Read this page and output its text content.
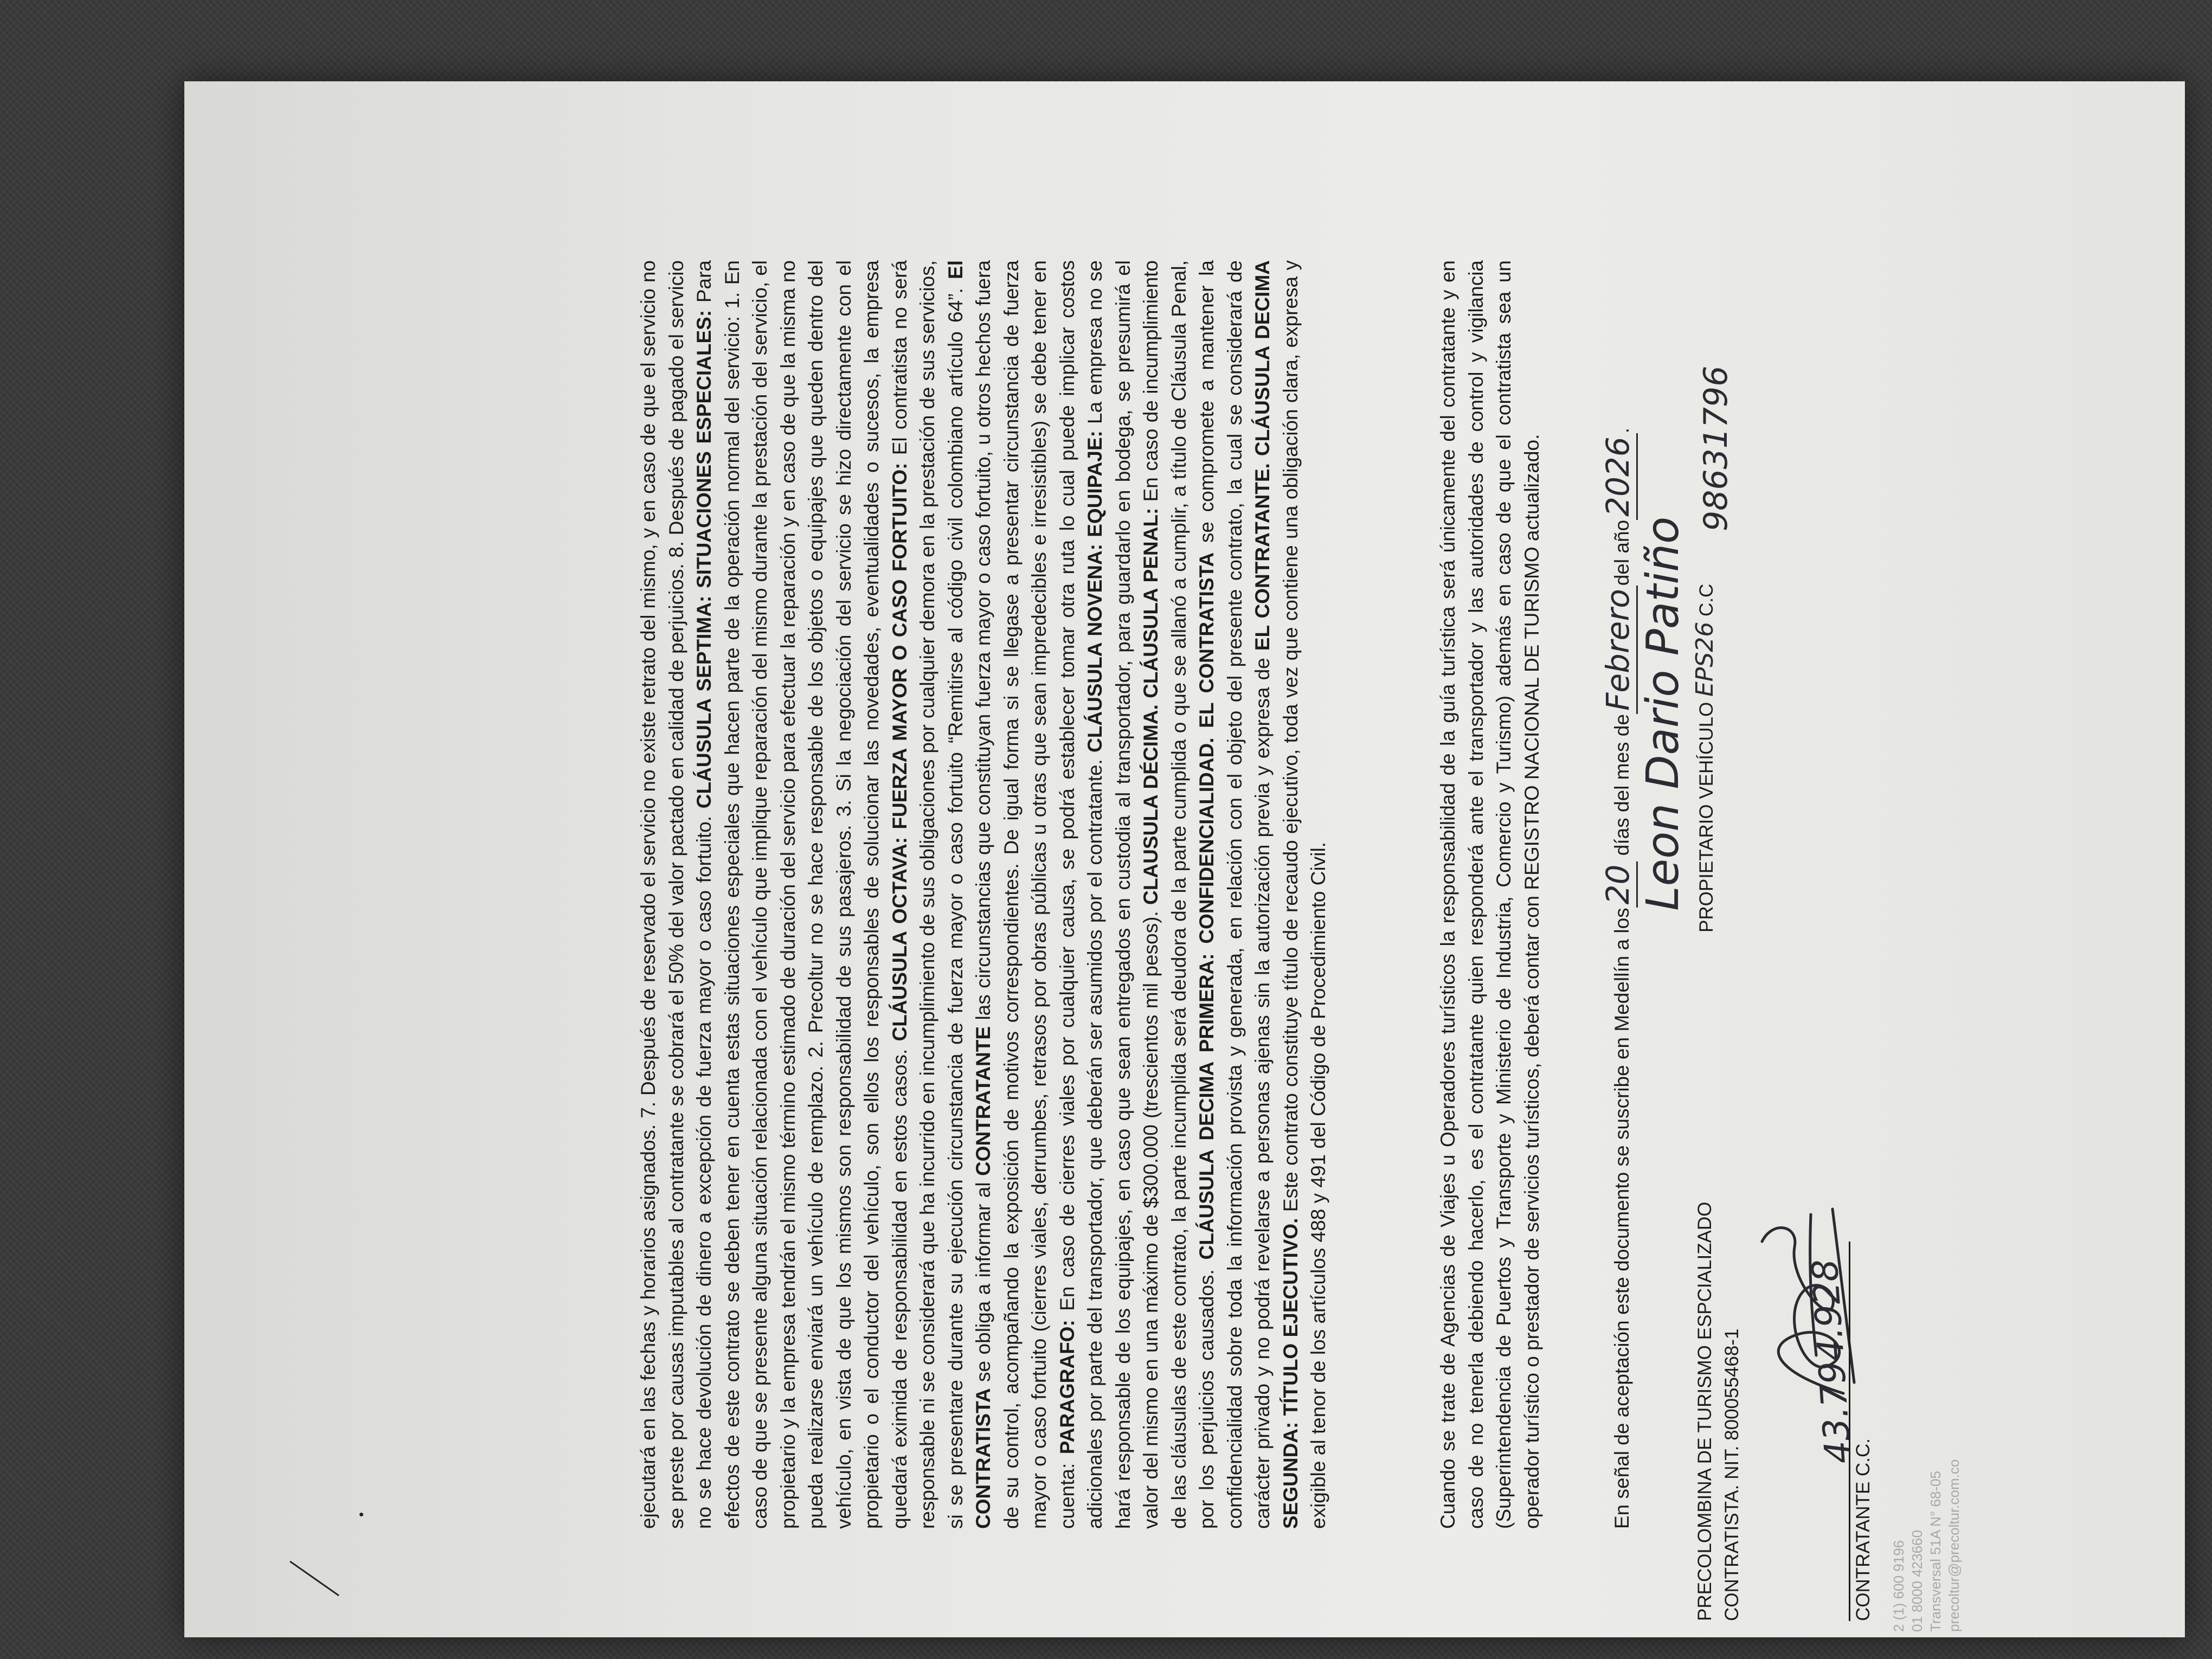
ejecutará en las fechas y horarios asignados. 7. Después de reservado el servicio no existe retrato del mismo, y en caso de que el servicio no se preste por causas imputables al contratante se cobrará el 50% del valor pactado en calidad de perjuicios. 8. Después de pagado el servicio no se hace devolución de dinero a excepción de fuerza mayor o caso fortuito. CLÁUSULA SEPTIMA: SITUACIONES ESPECIALES: Para efectos de este contrato se deben tener en cuenta estas situaciones especiales que hacen parte de la operación normal del servicio: 1. En caso de que se presente alguna situación relacionada con el vehículo que implique reparación del mismo durante la prestación del servicio, el propietario y la empresa tendrán el mismo término estimado de duración del servicio para efectuar la reparación y en caso de que la misma no pueda realizarse enviará un vehículo de remplazo. 2. Precoltur no se hace responsable de los objetos o equipajes que queden dentro del vehículo, en vista de que los mismos son responsabilidad de sus pasajeros. 3. Si la negociación del servicio se hizo directamente con el propietario o el conductor del vehículo, son ellos los responsables de solucionar las novedades, eventualidades o sucesos, la empresa quedará eximida de responsabilidad en estos casos. CLÁUSULA OCTAVA: FUERZA MAYOR O CASO FORTUITO: El contratista no será responsable ni se considerará que ha incurrido en incumplimiento de sus obligaciones por cualquier demora en la prestación de sus servicios, si se presentare durante su ejecución circunstancia de fuerza mayor o caso fortuito “Remitirse al código civil colombiano artículo 64”. El CONTRATISTA se obliga a informar al CONTRATANTE las circunstancias que constituyan fuerza mayor o caso fortuito, u otros hechos fuera de su control, acompañando la exposición de motivos correspondientes. De igual forma si se llegase a presentar circunstancia de fuerza mayor o caso fortuito (cierres viales, derrumbes, retrasos por obras públicas u otras que sean impredecibles e irresistibles) se debe tener en cuenta: PARAGRAFO: En caso de cierres viales por cualquier causa, se podrá establecer tomar otra ruta lo cual puede implicar costos adicionales por parte del transportador, que deberán ser asumidos por el contratante. CLÁUSULA NOVENA: EQUIPAJE: La empresa no se hará responsable de los equipajes, en caso que sean entregados en custodia al transportador, para guardarlo en bodega, se presumirá el valor del mismo en una máximo de $300.000 (trescientos mil pesos). CLAUSULA DÉCIMA. CLÁUSULA PENAL: En caso de incumplimiento de las cláusulas de este contrato, la parte incumplida será deudora de la parte cumplida o que se allanó a cumplir, a título de Cláusula Penal, por los perjuicios causados. CLÁUSULA DECIMA PRIMERA: CONFIDENCIALIDAD. EL CONTRATISTA se compromete a mantener la confidencialidad sobre toda la información provista y generada, en relación con el objeto del presente contrato, la cual se considerará de carácter privado y no podrá revelarse a personas ajenas sin la autorización previa y expresa de EL CONTRATANTE. CLÁUSULA DECIMA SEGUNDA: TÍTULO EJECUTIVO. Este contrato constituye título de recaudo ejecutivo, toda vez que contiene una obligación clara, expresa y exigible al tenor de los artículos 488 y 491 del Código de Procedimiento Civil.	Cuando se trate de Agencias de Viajes u Operadores turísticos la responsabilidad de la guía turística será únicamente del contratante y en caso de no tenerla debiendo hacerlo, es el contratante quien responderá ante el transportador y las autoridades de control y vigilancia (Superintendencia de Puertos y Transporte y Ministerio de Industria, Comercio y Turismo) además en caso de que el contratista sea un operador turístico o prestador de servicios turísticos, deberá contar con REGISTRO NACIONAL DE TURISMO actualizado.	En señal de aceptación este documento se suscribe en Medellín a los20 días del mes deFebrerodel año2026.
PRECOLOMBINA DE TURISMO ESPCIALIZADO CONTRATISTA. NIT. 800055468-1
Leon Dario Patiño PROPIETARIO VEHÍCULO EPS26 C.C
98631796
43.794.928
CONTRATANTE C.C. 2 (1) 600 9196 01 8000 423660 Transversal 51A N° 68-05 precoltur@precoltur.com.co
